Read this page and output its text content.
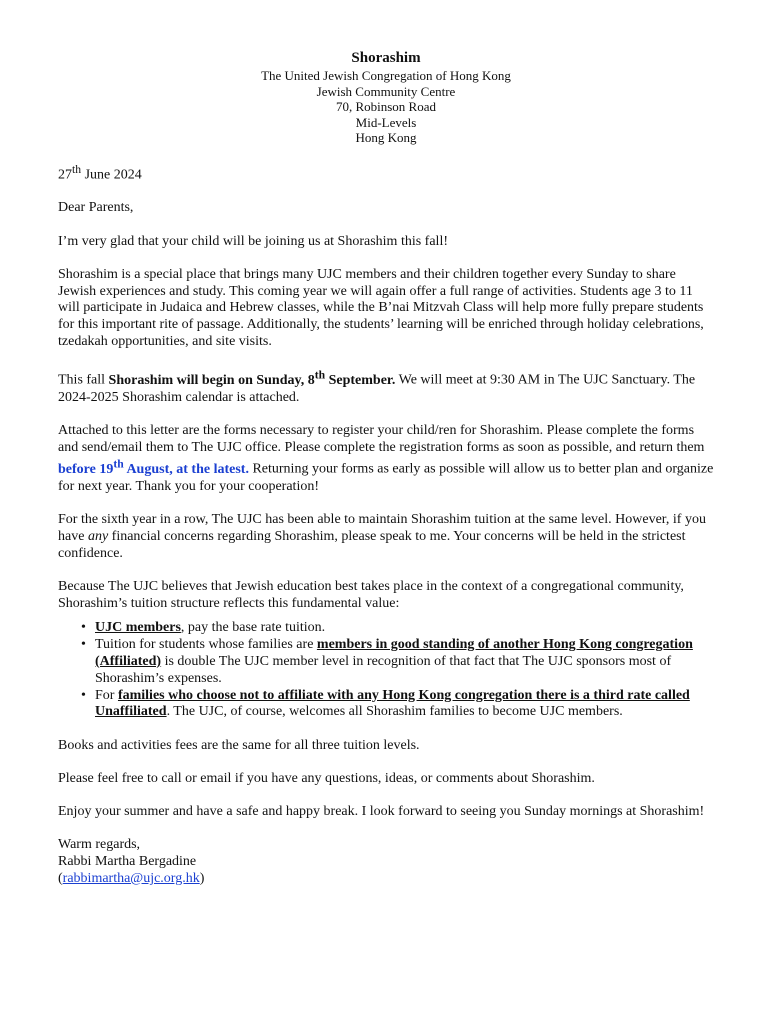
Shorashim
The United Jewish Congregation of Hong Kong
Jewish Community Centre
70, Robinson Road
Mid-Levels
Hong Kong

27th June 2024

Dear Parents,

I’m very glad that your child will be joining us at Shorashim this fall!

Shorashim is a special place that brings many UJC members and their children together every Sunday to share Jewish experiences and study. This coming year we will again offer a full range of activities. Students age 3 to 11 will participate in Judaica and Hebrew classes, while the B’nai Mitzvah Class will help more fully prepare students for this important rite of passage. Additionally, the students’ learning will be enriched through holiday celebrations, tzedakah opportunities, and site visits.

This fall Shorashim will begin on Sunday, 8th September. We will meet at 9:30 AM in The UJC Sanctuary. The 2024-2025 Shorashim calendar is attached.

Attached to this letter are the forms necessary to register your child/ren for Shorashim. Please complete the forms and send/email them to The UJC office. Please complete the registration forms as soon as possible, and return them before 19th August, at the latest. Returning your forms as early as possible will allow us to better plan and organize for next year. Thank you for your cooperation!

For the sixth year in a row, The UJC has been able to maintain Shorashim tuition at the same level. However, if you have any financial concerns regarding Shorashim, please speak to me. Your concerns will be held in the strictest confidence.

Because The UJC believes that Jewish education best takes place in the context of a congregational community, Shorashim’s tuition structure reflects this fundamental value:

• UJC members, pay the base rate tuition.
• Tuition for students whose families are members in good standing of another Hong Kong congregation (Affiliated) is double The UJC member level in recognition of that fact that The UJC sponsors most of Shorashim’s expenses.
• For families who choose not to affiliate with any Hong Kong congregation there is a third rate called Unaffiliated. The UJC, of course, welcomes all Shorashim families to become UJC members.

Books and activities fees are the same for all three tuition levels.

Please feel free to call or email if you have any questions, ideas, or comments about Shorashim.

Enjoy your summer and have a safe and happy break. I look forward to seeing you Sunday mornings at Shorashim!

Warm regards,

Rabbi Martha Bergadine

(rabbimartha@ujc.org.hk)
